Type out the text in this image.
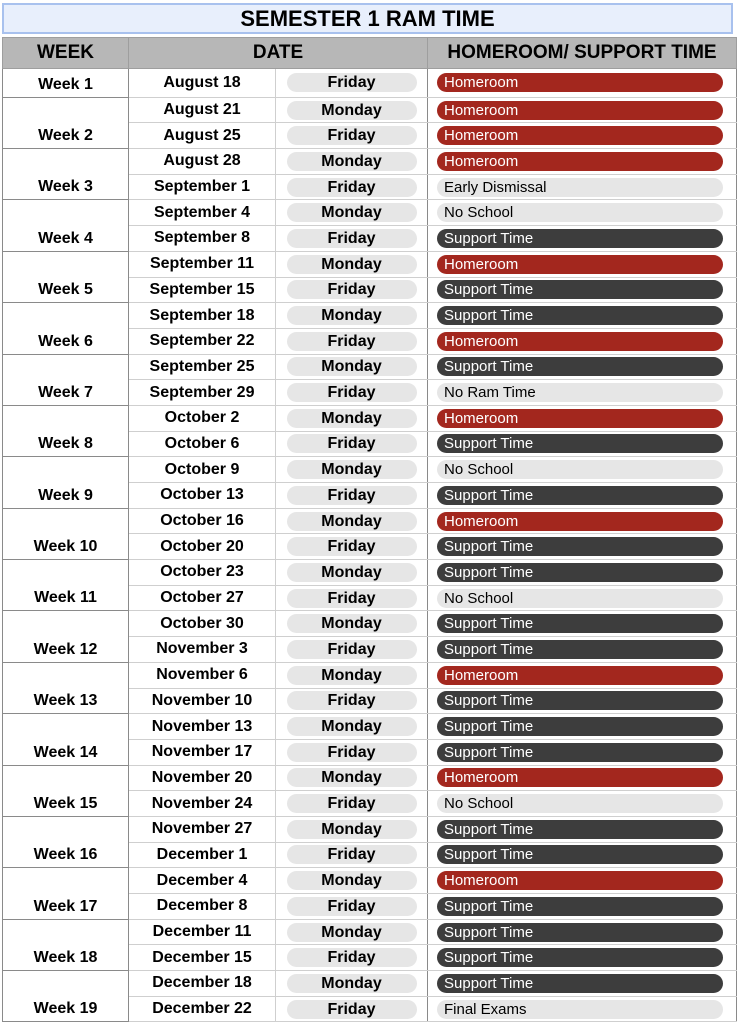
SEMESTER 1 RAM TIME
WEEK	DATE		HOMEROOM/ SUPPORT TIME
Week 1	August 18	Friday	Homeroom

Week 2	August 21	Monday	Homeroom

	August 25	Friday	Homeroom

Week 3	August 28	Monday	Homeroom

	September 1	Friday	Early Dismissal

Week 4	September 4	Monday	No School

	September 8	Friday	Support Time

Week 5	September 11	Monday	Homeroom

	September 15	Friday	Support Time

Week 6	September 18	Monday	Support Time

	September 22	Friday	Homeroom

Week 7	September 25	Monday	Support Time

	September 29	Friday	No Ram Time

Week 8	October 2	Monday	Homeroom

	October 6	Friday	Support Time

Week 9	October 9	Monday	No School

	October 13	Friday	Support Time

Week 10	October 16	Monday	Homeroom

	October 20	Friday	Support Time

Week 11	October 23	Monday	Support Time

	October 27	Friday	No School

Week 12	October 30	Monday	Support Time

	November 3	Friday	Support Time

Week 13	November 6	Monday	Homeroom

	November 10	Friday	Support Time

Week 14	November 13	Monday	Support Time

	November 17	Friday	Support Time

Week 15	November 20	Monday	Homeroom

	November 24	Friday	No School

Week 16	November 27	Monday	Support Time

	December 1	Friday	Support Time

Week 17	December 4	Monday	Homeroom

	December 8	Friday	Support Time

Week 18	December 11	Monday	Support Time

	December 15	Friday	Support Time

Week 19	December 18	Monday	Support Time

	December 22	Friday	Final Exams
